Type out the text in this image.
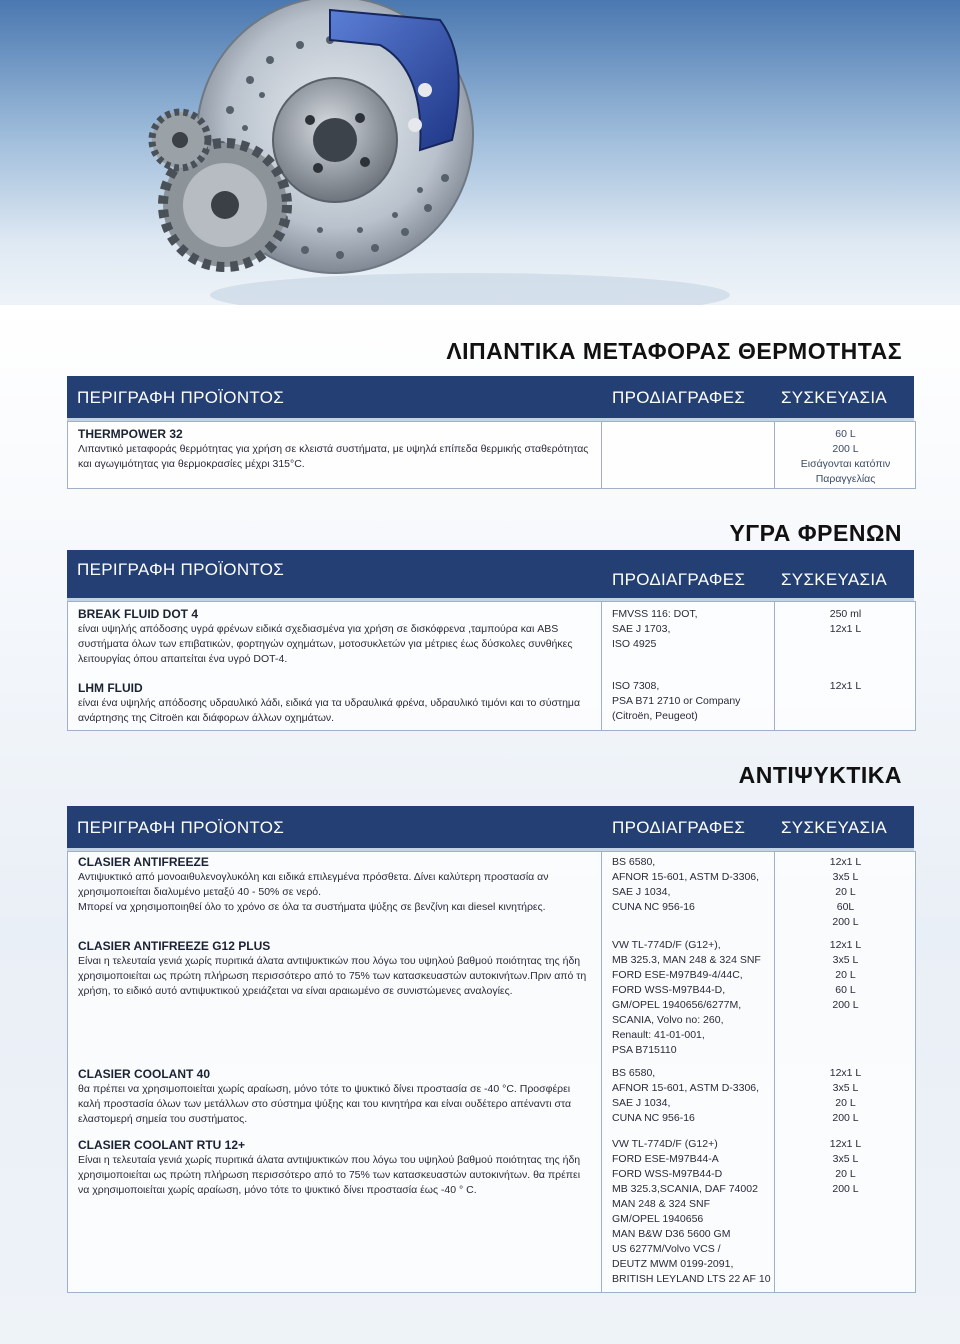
ΛΙΠΑΝΤΙΚΑ ΜΕΤΑΦΟΡΑΣ ΘΕΡΜΟΤΗΤΑΣ
ΠΕΡΙΓΡΑΦΗ ΠΡΟΪΟΝΤΟΣ	ΠΡΟΔΙΑΓΡΑΦΕΣ ΣΥΣΚΕΥΑΣΙΑ
THERMPOWER 32
Λιπαντικό μεταφοράς θερμότητας για χρήση σε κλειστά συστήματα, με υψηλά επίπεδα θερμικής σταθερότητας και αγωγιμότητας για θερμοκρασίες μέχρι 315°C.
60 L
200 L
Εισάγονται κατόπιν
Παραγγελίας
ΥΓΡΑ ΦΡΕΝΩΝ
ΠΕΡΙΓΡΑΦΗ ΠΡΟΪΟΝΤΟΣ
ΠΡΟΔΙΑΓΡΑΦΕΣ ΣΥΣΚΕΥΑΣΙΑ
BREAK FLUID DOT 4
είναι υψηλής απόδοσης υγρά φρένων ειδικά σχεδιασμένα για χρήση σε δισκόφρενα ,ταμπούρα και ABS συστήματα όλων των επιβατικών, φορτηγών οχημάτων, μοτοσυκλετών για μέτριες έως δύσκολες συνθήκες λειτουργίας όπου απαιτείται ένα υγρό DOT-4.
LHM FLUID
είναι ένα υψηλής απόδοσης υδραυλικό λάδι, ειδικά για τα υδραυλικά φρένα, υδραυλικό τιμόνι και το σύστημα ανάρτησης της Citroën και διάφορων άλλων οχημάτων.
FMVSS 116: DOT,
SAE J 1703,
ISO 4925
ISO 7308,
PSA B71 2710 or Company
(Citroën, Peugeot)
250 ml
12x1 L
12x1 L
ΑΝΤΙΨΥΚΤΙΚΑ
ΠΕΡΙΓΡΑΦΗ ΠΡΟΪΟΝΤΟΣ	ΠΡΟΔΙΑΓΡΑΦΕΣ ΣΥΣΚΕΥΑΣΙΑ
CLASIER ANTIFREEZE
Αντιψυκτικό από μονοαιθυλενογλυκόλη και ειδικά επιλεγμένα πρόσθετα. Δίνει καλύτερη προστασία αν χρησιμοποιείται διαλυμένο μεταξύ 40 - 50% σε νερό.
Μπορεί να χρησιμοποιηθεί όλο το χρόνο σε όλα τα συστήματα ψύξης σε βενζίνη και diesel κινητήρες.
CLASIER ANTIFREEZE G12 PLUS
Είναι η τελευταία γενιά χωρίς πυριτικά άλατα αντιψυκτικών που λόγω του υψηλού βαθμού ποιότητας της ήδη χρησιμοποιείται ως πρώτη πλήρωση περισσότερο από το 75% των κατασκευαστών αυτοκινήτων.Πριν από τη χρήση, το ειδικό αυτό αντιψυκτικού χρειάζεται να είναι αραιωμένο σε συνιστώμενες αναλογίες.
CLASIER COOLANT 40
θα πρέπει να χρησιμοποιείται χωρίς αραίωση, μόνο τότε το ψυκτικό δίνει προστασία σε -40 °C. Προσφέρει καλή προστασία όλων των μετάλλων στο σύστημα ψύξης και του κινητήρα και είναι ουδέτερο απέναντι στα ελαστομερή σημεία του συστήματος.
CLASIER COOLANT RTU 12+
Είναι η τελευταία γενιά χωρίς πυριτικά άλατα αντιψυκτικών που λόγω του υψηλού βαθμού ποιότητας της ήδη χρησιμοποιείται ως πρώτη πλήρωση περισσότερο από το 75% των κατασκευαστών αυτοκινήτων. θα πρέπει να χρησιμοποιείται χωρίς αραίωση, μόνο τότε το ψυκτικό δίνει προστασία έως -40 ° C.
BS 6580,
AFNOR 15-601, ASTM D-3306,
SAE J 1034,
CUNA NC 956-16
VW TL-774D/F (G12+),
MB 325.3, MAN 248 & 324 SNF
FORD ESE-M97B49-4/44C,
FORD WSS-M97B44-D,
GM/OPEL 1940656/6277M,
SCANIA, Volvo no: 260,
Renault: 41-01-001,
PSA B715110
BS 6580,
AFNOR 15-601, ASTM D-3306,
SAE J 1034,
CUNA NC 956-16
VW TL-774D/F (G12+)
FORD ESE-M97B44-A
FORD WSS-M97B44-D
MB 325.3,SCANIA, DAF 74002
MAN 248 & 324 SNF
GM/OPEL 1940656
MAN B&W D36 5600 GM
US 6277M/Volvo VCS /
DEUTZ MWM 0199-2091,
BRITISH LEYLAND LTS 22 AF 10
12x1 L
3x5 L
20 L
60L
200 L
12x1 L
3x5 L
20 L
60 L
200 L
12x1 L
3x5 L
20 L
200 L
12x1 L
3x5 L
20 L
200 L
